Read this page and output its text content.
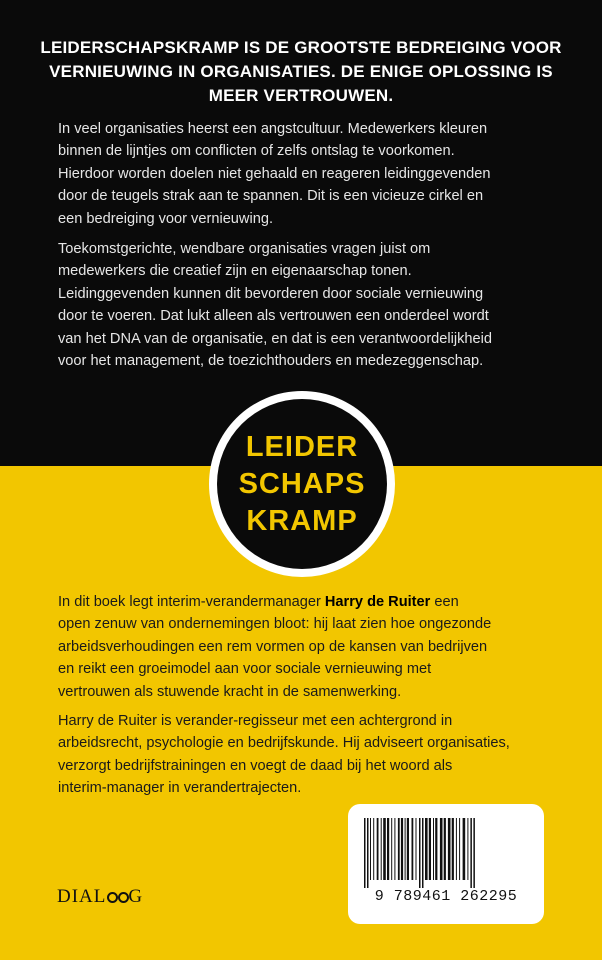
LEIDERSCHAPSKRAMP IS DE GROOTSTE BEDREIGING VOOR
VERNIEUWING IN ORGANISATIES. DE ENIGE OPLOSSING IS
MEER VERTROUWEN.
In veel organisaties heerst een angstcultuur. Medewerkers kleuren
binnen de lijntjes om conflicten of zelfs ontslag te voorkomen.
Hierdoor worden doelen niet gehaald en reageren leidinggevenden
door de teugels strak aan te spannen. Dit is een vicieuze cirkel en
een bedreiging voor vernieuwing.
Toekomstgerichte, wendbare organisaties vragen juist om
medewerkers die creatief zijn en eigenaarschap tonen.
Leidinggevenden kunnen dit bevorderen door sociale vernieuwing
door te voeren. Dat lukt alleen als vertrouwen een onderdeel wordt
van het DNA van de organisatie, en dat is een verantwoordelijkheid
voor het management, de toezichthouders en medezeggenschap.
In dit boek legt interim-verandermanager Harry de Ruiter een
open zenuw van ondernemingen bloot: hij laat zien hoe ongezonde
arbeidsverhoudingen een rem vormen op de kansen van bedrijven
en reikt een groeimodel aan voor sociale vernieuwing met
vertrouwen als stuwende kracht in de samenwerking.
Harry de Ruiter is verander-regisseur met een achtergrond in
arbeidsrecht, psychologie en bedrijfskunde. Hij adviseert organisaties,
verzorgt bedrijfstrainingen en voegt de daad bij het woord als
interim-manager in verandertrajecten.
DIAL G	9 789461 262295
LEIDER
SCHAPS
KRAMP
